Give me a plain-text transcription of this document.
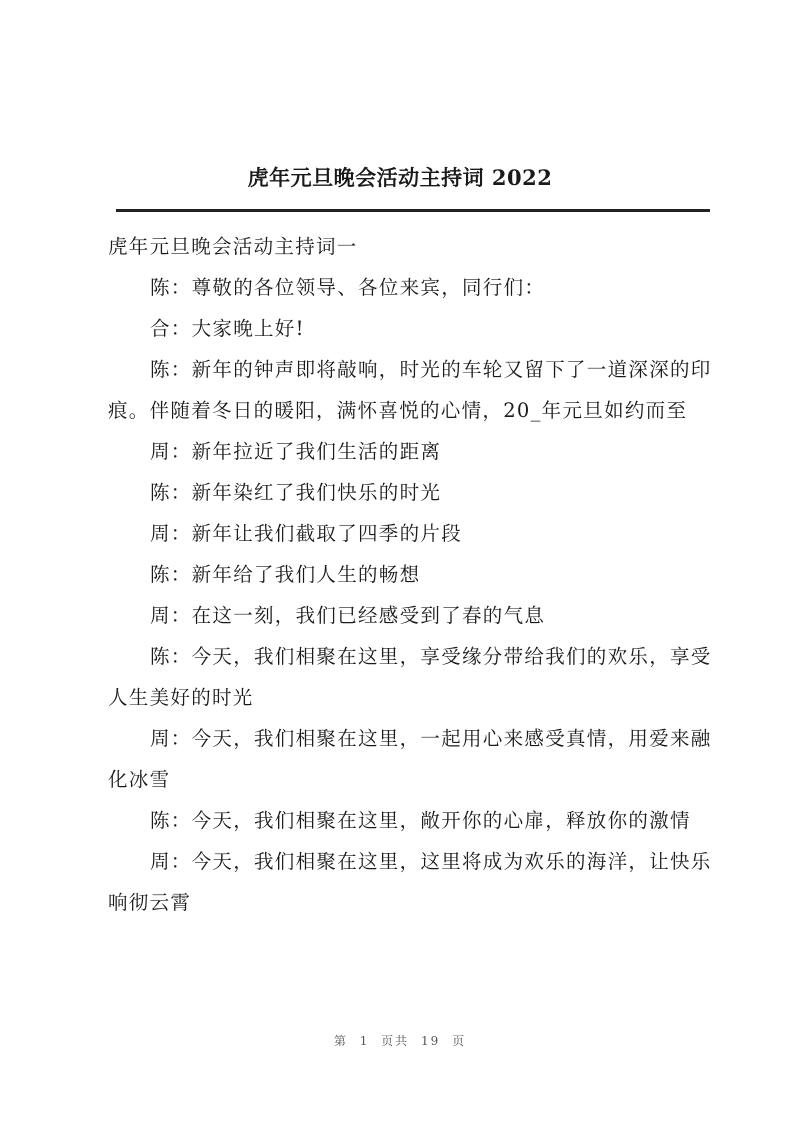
虎年元旦晚会活动主持词 2022

虎年元旦晚会活动主持词一

陈：尊敬的各位领导、各位来宾，同行们：

合：大家晚上好!

陈：新年的钟声即将敲响，时光的车轮又留下了一道深深的印痕。伴随着冬日的暖阳，满怀喜悦的心情，20_年元旦如约而至

周：新年拉近了我们生活的距离

陈：新年染红了我们快乐的时光

周：新年让我们截取了四季的片段

陈：新年给了我们人生的畅想

周：在这一刻，我们已经感受到了春的气息

陈：今天，我们相聚在这里，享受缘分带给我们的欢乐，享受人生美好的时光

周：今天，我们相聚在这里，一起用心来感受真情，用爱来融化冰雪

陈：今天，我们相聚在这里，敞开你的心扉，释放你的激情

周：今天，我们相聚在这里，这里将成为欢乐的海洋，让快乐响彻云霄

第 1 页共 19 页
